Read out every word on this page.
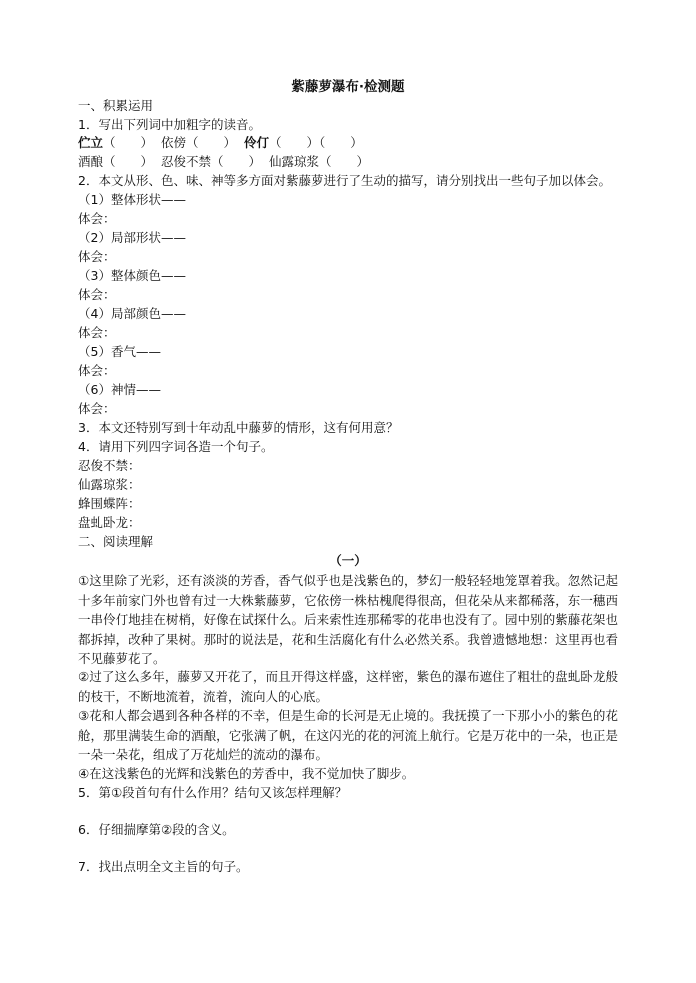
紫藤萝瀑布·检测题
一、积累运用
1．写出下列词中加粗字的读音。
伫立（　　） 依傍（　　） 伶仃（　　）（　　）
酒酿（　　） 忍俊不禁（　　） 仙露琼浆（　　）
2．本文从形、色、味、神等多方面对紫藤萝进行了生动的描写，请分别找出一些句子加以体会。
（1）整体形状——
体会：
（2）局部形状——
体会：
（3）整体颜色——
体会：
（4）局部颜色——
体会：
（5）香气——
体会：
（6）神情——
体会：
3．本文还特别写到十年动乱中藤萝的情形，这有何用意？
4．请用下列四字词各造一个句子。
忍俊不禁：
仙露琼浆：
蜂围蝶阵：
盘虬卧龙：
二、阅读理解
（一）
①这里除了光彩，还有淡淡的芳香，香气似乎也是浅紫色的，梦幻一般轻轻地笼罩着我。忽然记起十多年前家门外也曾有过一大株紫藤萝，它依傍一株枯槐爬得很高，但花朵从来都稀落，东一穗西一串伶仃地挂在树梢，好像在试探什么。后来索性连那稀零的花串也没有了。园中别的紫藤花架也都拆掉，改种了果树。那时的说法是，花和生活腐化有什么必然关系。我曾遗憾地想：这里再也看不见藤萝花了。
②过了这么多年，藤萝又开花了，而且开得这样盛，这样密，紫色的瀑布遮住了粗壮的盘虬卧龙般的枝干，不断地流着，流着，流向人的心底。
③花和人都会遇到各种各样的不幸，但是生命的长河是无止境的。我抚摸了一下那小小的紫色的花舱，那里满装生命的酒酿，它张满了帆，在这闪光的花的河流上航行。它是万花中的一朵，也正是一朵一朵花，组成了万花灿烂的流动的瀑布。
④在这浅紫色的光辉和浅紫色的芳香中，我不觉加快了脚步。
5．第①段首句有什么作用？结句又该怎样理解？
6．仔细揣摩第②段的含义。
7．找出点明全文主旨的句子。
